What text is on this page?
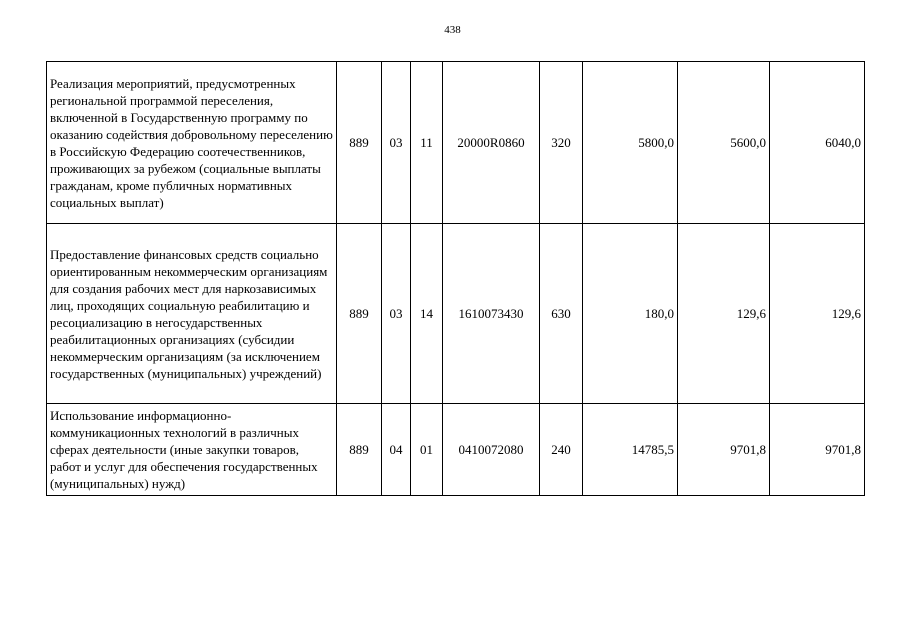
438
Реализация мероприятий, предусмотренных региональной программой переселения, включенной в Государственную программу по оказанию содействия добровольному переселению в Российскую Федерацию соотечественников, проживающих за рубежом (социальные выплаты гражданам, кроме публичных нормативных социальных выплат)	889	03	11	20000R0860	320	5800,0	5600,0	6040,0
Предоставление финансовых средств социально ориентированным некоммерческим организациям для создания рабочих мест для наркозависимых лиц, проходящих социальную реабилитацию и ресоциализацию в негосударственных реабилитационных организациях (субсидии некоммерческим организациям (за исключением государственных (муниципальных) учреждений)	889	03	14	1610073430	630	180,0	129,6	129,6
Использование информационно-коммуникационных технологий в различных сферах деятельности (иные закупки товаров, работ и услуг для обеспечения государственных (муниципальных) нужд)	889	04	01	0410072080	240	14785,5	9701,8	9701,8
